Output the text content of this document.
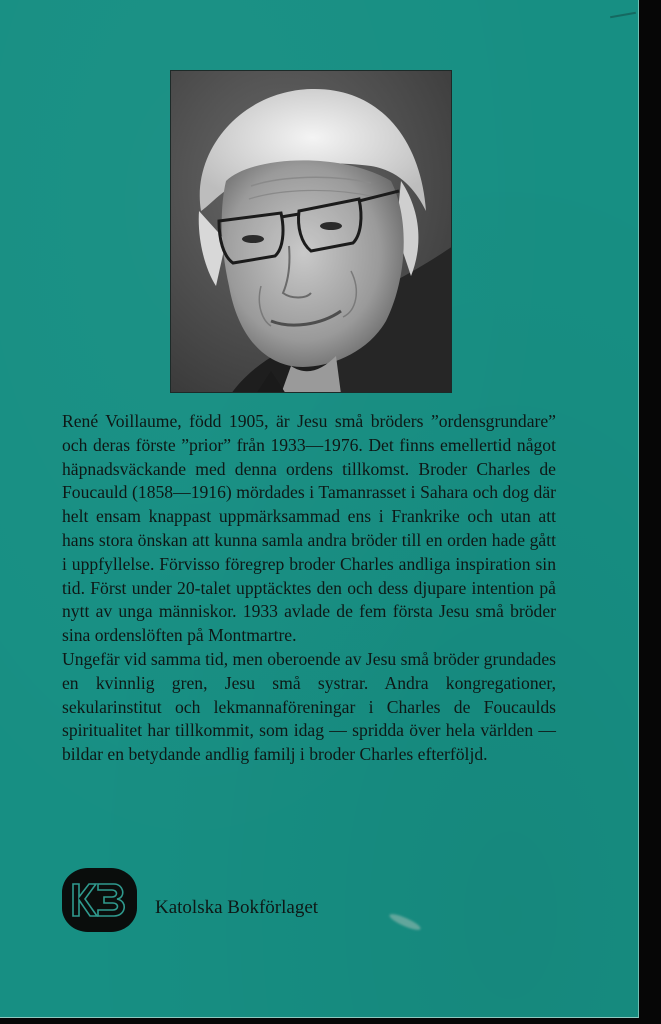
René Voillaume, född 1905, är Jesu små bröders ”ordensgrundare” och deras förste ”prior” från 1933—1976. Det finns emellertid något häpnadsväckande med denna ordens tillkomst. Broder Charles de Foucauld (1858—1916) mördades i Tamanrasset i Sahara och dog där helt ensam knappast uppmärksammad ens i Frankrike och utan att hans stora önskan att kunna samla andra bröder till en orden hade gått i uppfyllelse. Förvisso föregrep broder Charles andliga inspiration sin tid. Först under 20-talet upptäcktes den och dess djupare intention på nytt av unga människor. 1933 avlade de fem första Jesu små bröder sina ordenslöften på Montmartre.

Ungefär vid samma tid, men oberoende av Jesu små bröder grundades en kvinnlig gren, Jesu små systrar. Andra kongregationer, sekularinstitut och lekmannaföreningar i Charles de Foucaulds spiritualitet har tillkommit, som idag — spridda över hela världen — bildar en betydande andlig familj i broder Charles efterföljd.

Katolska Bokförlaget
